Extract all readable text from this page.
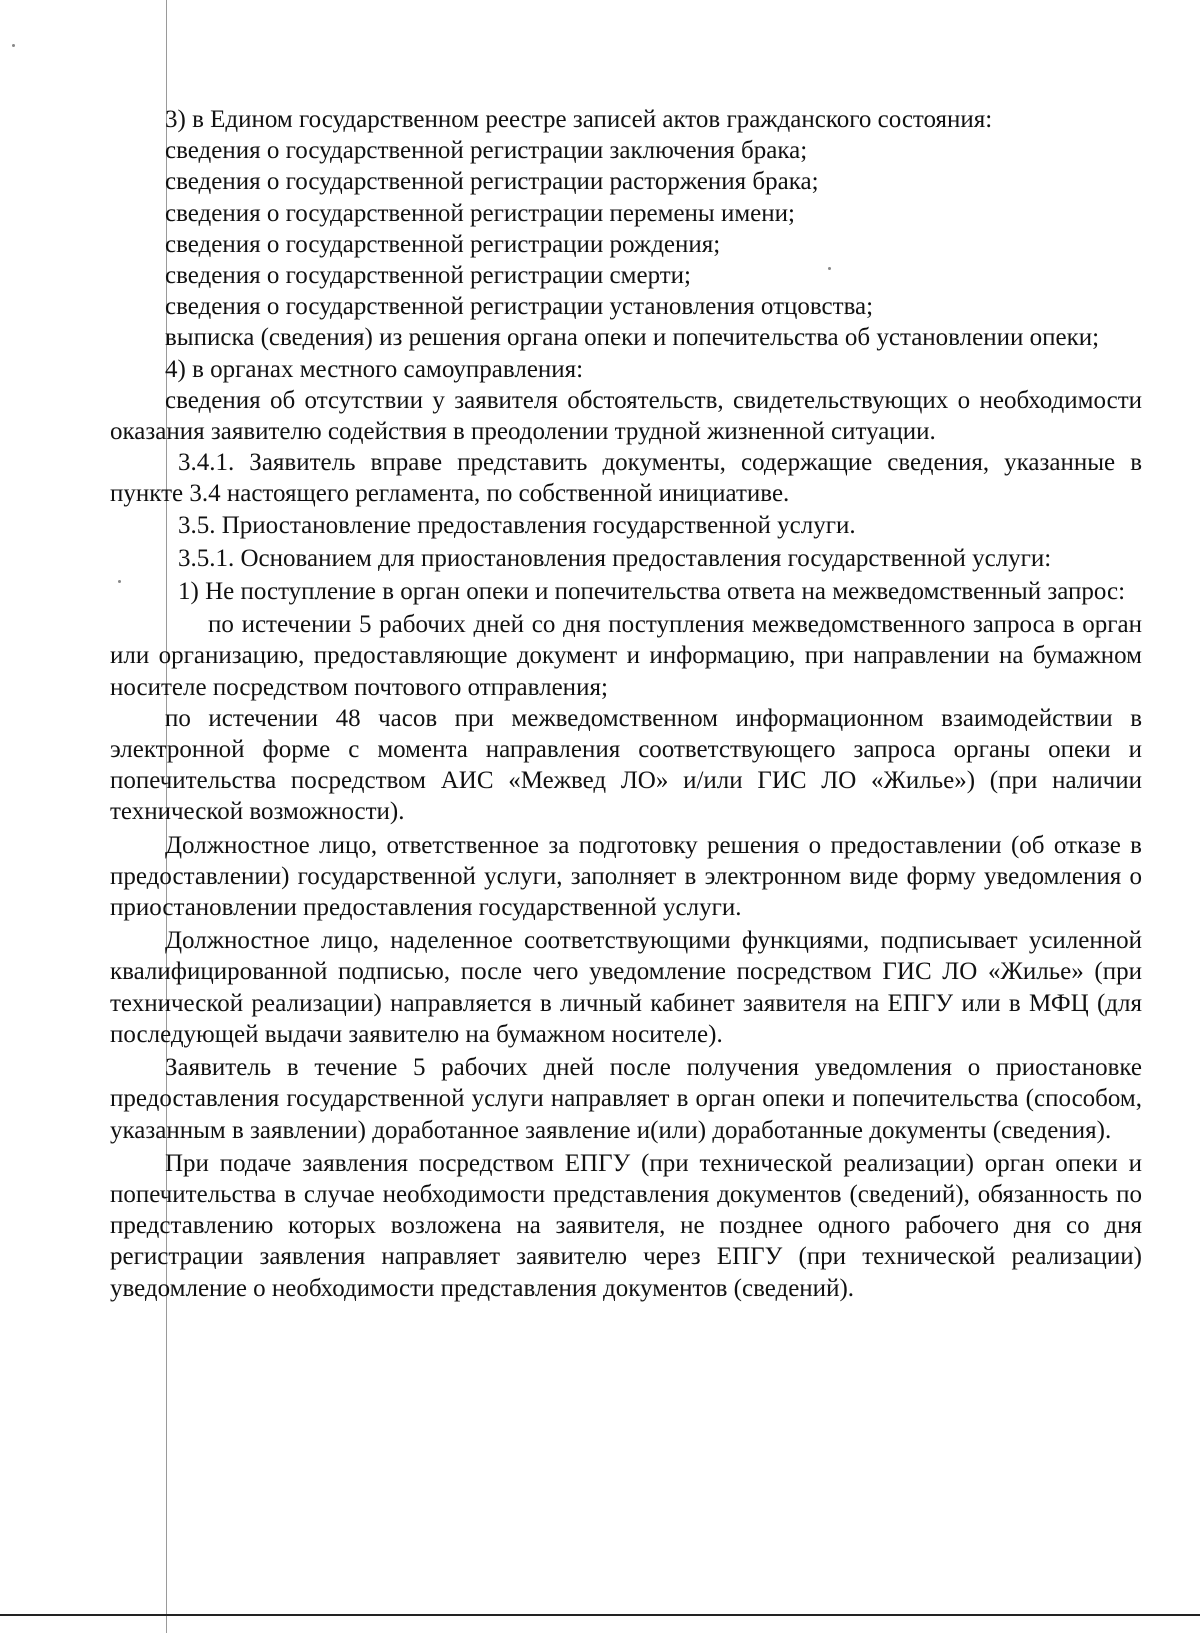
3) в Едином государственном реестре записей актов гражданского состояния:

сведения о государственной регистрации заключения брака;

сведения о государственной регистрации расторжения брака;

сведения о государственной регистрации перемены имени;

сведения о государственной регистрации рождения;

сведения о государственной регистрации смерти;

сведения о государственной регистрации установления отцовства;

выписка (сведения) из решения органа опеки и попечительства об установлении опеки;

4) в органах местного самоуправления:

сведения об отсутствии у заявителя обстоятельств, свидетельствующих о необходимости оказания заявителю содействия в преодолении трудной жизненной ситуации.

3.4.1. Заявитель вправе представить документы, содержащие сведения, указанные в пункте 3.4 настоящего регламента, по собственной инициативе.

3.5. Приостановление предоставления государственной услуги.

3.5.1. Основанием для приостановления предоставления государственной услуги:

1) Не поступление в орган опеки и попечительства ответа на межведомственный запрос:

по истечении 5 рабочих дней со дня поступления межведомственного запроса в орган или организацию, предоставляющие документ и информацию, при направлении на бумажном носителе посредством почтового отправления;

по истечении 48 часов при межведомственном информационном взаимодействии в электронной форме с момента направления соответствующего запроса органы опеки и попечительства посредством АИС «Межвед ЛО» и/или ГИС ЛО «Жилье») (при наличии технической возможности).

Должностное лицо, ответственное за подготовку решения о предоставлении (об отказе в предоставлении) государственной услуги, заполняет в электронном виде форму уведомления о приостановлении предоставления государственной услуги.

Должностное лицо, наделенное соответствующими функциями, подписывает усиленной квалифицированной подписью, после чего уведомление посредством ГИС ЛО «Жилье» (при технической реализации) направляется в личный кабинет заявителя на ЕПГУ или в МФЦ (для последующей выдачи заявителю на бумажном носителе).

Заявитель в течение 5 рабочих дней после получения уведомления о приостановке предоставления государственной услуги направляет в орган опеки и попечительства (способом, указанным в заявлении) доработанное заявление и(или) доработанные документы (сведения).

При подаче заявления посредством ЕПГУ (при технической реализации) орган опеки и попечительства в случае необходимости представления документов (сведений), обязанность по представлению которых возложена на заявителя, не позднее одного рабочего дня со дня регистрации заявления направляет заявителю через ЕПГУ (при технической реализации) уведомление о необходимости представления документов (сведений).
